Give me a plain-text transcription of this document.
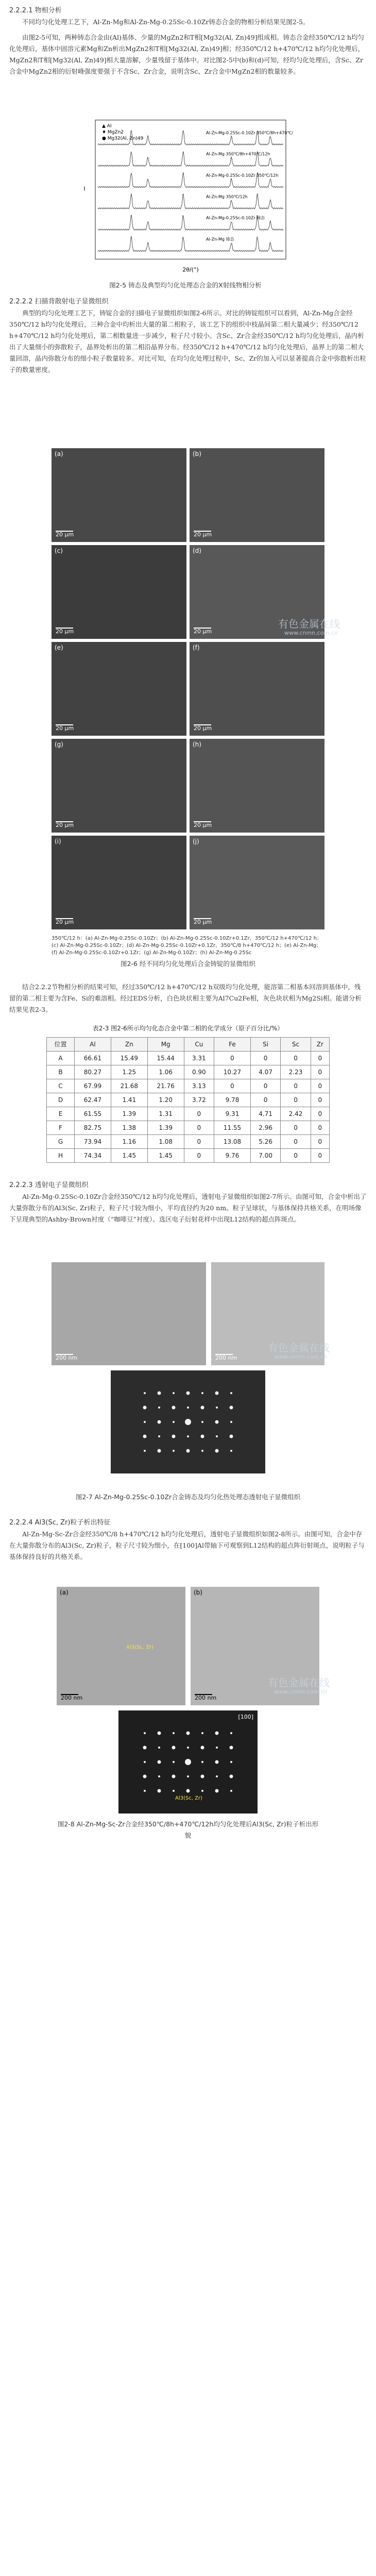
2.2.2.1 物相分析

不同均匀化处理工艺下，Al-Zn-Mg和Al-Zn-Mg-0.25Sc-0.10Zr铸态合金的物相分析结果见图2-5。

由图2-5可知，两种铸态合金由(Al)基体、少量的MgZn2和T相[Mg32(Al, Zn)49]组成相。铸态合金经350℃/12 h均匀化处理后，基体中固溶元素Mg和Zn析出MgZn2和T相[Mg32(Al, Zn)49]相；经350℃/12 h+470℃/12 h均匀化处理后，MgZn2和T相[Mg32(Al, Zn)49]相大量溶解，少量残留于基体中。对比图2-5中(b)和(d)可知，经均匀化处理后，含Sc、Zr合金中MgZn2相的衍射峰强度要强于不含Sc、Zr合金，说明含Sc、Zr合金中MgZn2相的数量较多。

Al-Zn-Mg-0.25Sc-0.10Zr 350℃/8h+470℃/12h
Al-Zn-Mg 350℃/8h+470℃/12h
Al-Zn-Mg-0.25Sc-0.10Zr 350℃/12h
Al-Zn-Mg 350℃/12h
Al-Zn-Mg-0.25Sc-0.10Zr 铸态
Al-Zn-Mg 铸态
▲ Al
♦ MgZn2
● Mg32(Al, Zn)49
2θ/(°)
I
图2-5 铸态及典型均匀化处理态合金的X射线物相分析
2.2.2.2 扫描背散射电子显微组织

典型的均匀化处理工艺下，铸锭合金的扫描电子显微组织如图2-6所示。对比的铸锭组织可以看到，Al-Zn-Mg合金经350℃/12 h均匀化处理后，三种合金中均析出大量的第二相粒子，该工艺下的组织中枝晶间第二相大量减少；经350℃/12 h+470℃/12 h均匀化处理后，第二相数量进一步减少，粒子尺寸较小。含Sc、Zr合金经350℃/12 h均匀化处理后，晶内析出了大量细小的弥散粒子，晶界处析出的第二相沿晶界分布。经350℃/12 h+470℃/12 h均匀化处理后，晶界上的第二相大量回溶，晶内弥散分布的细小粒子数量较多。对比可知，在均匀化处理过程中，Sc、Zr的加入可以显著提高合金中弥散析出粒子的数量密度。

(a)
20 μm
(b)
20 μm
(c)
20 μm
(d)
20 μm
(e)
20 μm
(f)
20 μm
(g)
20 μm
(h)
20 μm
(i)
20 μm
(j)
20 μm
350℃/12 h：(a) Al-Zn-Mg-0.25Sc-0.10Zr；(b) Al-Zn-Mg-0.25Sc-0.10Zr+0.1Zr，350℃/12 h+470℃/12 h；(c) Al-Zn-Mg-0.25Sc-0.10Zr；(d) Al-Zn-Mg-0.25Sc-0.10Zr+0.1Zr，350℃/8 h+470℃/12 h；(e) Al-Zn-Mg；(f) Al-Zn-Mg-0.25Sc-0.10Zr+0.1Zr；(g) Al-Zn-Mg-0.10Zr；(h) Al-Zn-Mg-0.25Sc
图2-6 经不同均匀化处理后合金铸锭的显微组织
有色金属在线
www.cnmn.com.cn

结合2.2.2节物相分析的结果可知，经过350℃/12 h+470℃/12 h双级均匀化处理，能溶第二相基本回溶到基体中，残留的第二相主要为含Fe、Si的难溶相。经过EDS分析，白色块状相主要为Al7Cu2Fe相，灰色块状相为Mg2Si相。能谱分析结果见表2-3。

表2-3 图2-6所示均匀化态合金中第二相的化学成分（原子百分比/%）
位置	Al	Zn	Mg	Cu	Fe	Si	Sc	Zr
A	66.61	15.49	15.44	3.31	0	0	0	0
B	80.27	1.25	1.06	0.90	10.27	4.07	2.23	0
C	67.99	21.68	21.76	3.13	0	0	0	0
D	62.47	1.41	1.20	3.72	9.78	0	0	0
E	61.55	1.39	1.31	0	9.31	4.71	2.42	0
F	82.75	1.38	1.39	0	11.55	2.96	0	0
G	73.94	1.16	1.08	0	13.08	5.26	0	0
H	74.34	1.45	1.45	0	9.76	7.00	0	0
2.2.2.3 透射电子显微组织

Al-Zn-Mg-0.25Sc-0.10Zr合金经350℃/12 h均匀化处理后，透射电子显微组织如图2-7所示。由图可知，合金中析出了大量弥散分布的Al3(Sc, Zr)粒子，粒子尺寸较为细小，平均直径约为20 nm。粒子呈球状，与基体保持共格关系，在明场像下呈现典型的Ashby-Brown衬度（“咖啡豆”衬度）。选区电子衍射花样中出现L12结构的超点阵斑点。

200 nm	200 nm
图2-7 Al-Zn-Mg-0.25Sc-0.10Zr合金铸态及均匀化热处理态透射电子显微组织
有色金属在线
www.cnmn.com.cn
2.2.2.4 Al3(Sc, Zr)粒子析出特征

Al-Zn-Mg-Sc-Zr合金经350℃/8 h+470℃/12 h均匀化处理后，透射电子显微组织如图2-8所示。由图可知，合金中存在大量弥散分布的Al3(Sc, Zr)粒子，粒子尺寸较为细小，在[100]Al带轴下可观察到L12结构的超点阵衍射斑点，说明粒子与基体保持良好的共格关系。

(a)
Al3(Sc, Zr)
200 nm
(b)
200 nm
Al3(Sc, Zr)
[100]
图2-8 Al-Zn-Mg-Sc-Zr合金经350℃/8h+470℃/12h均匀化处理后Al3(Sc, Zr)粒子析出形貌
有色金属在线
www.cnmn.com.cn
